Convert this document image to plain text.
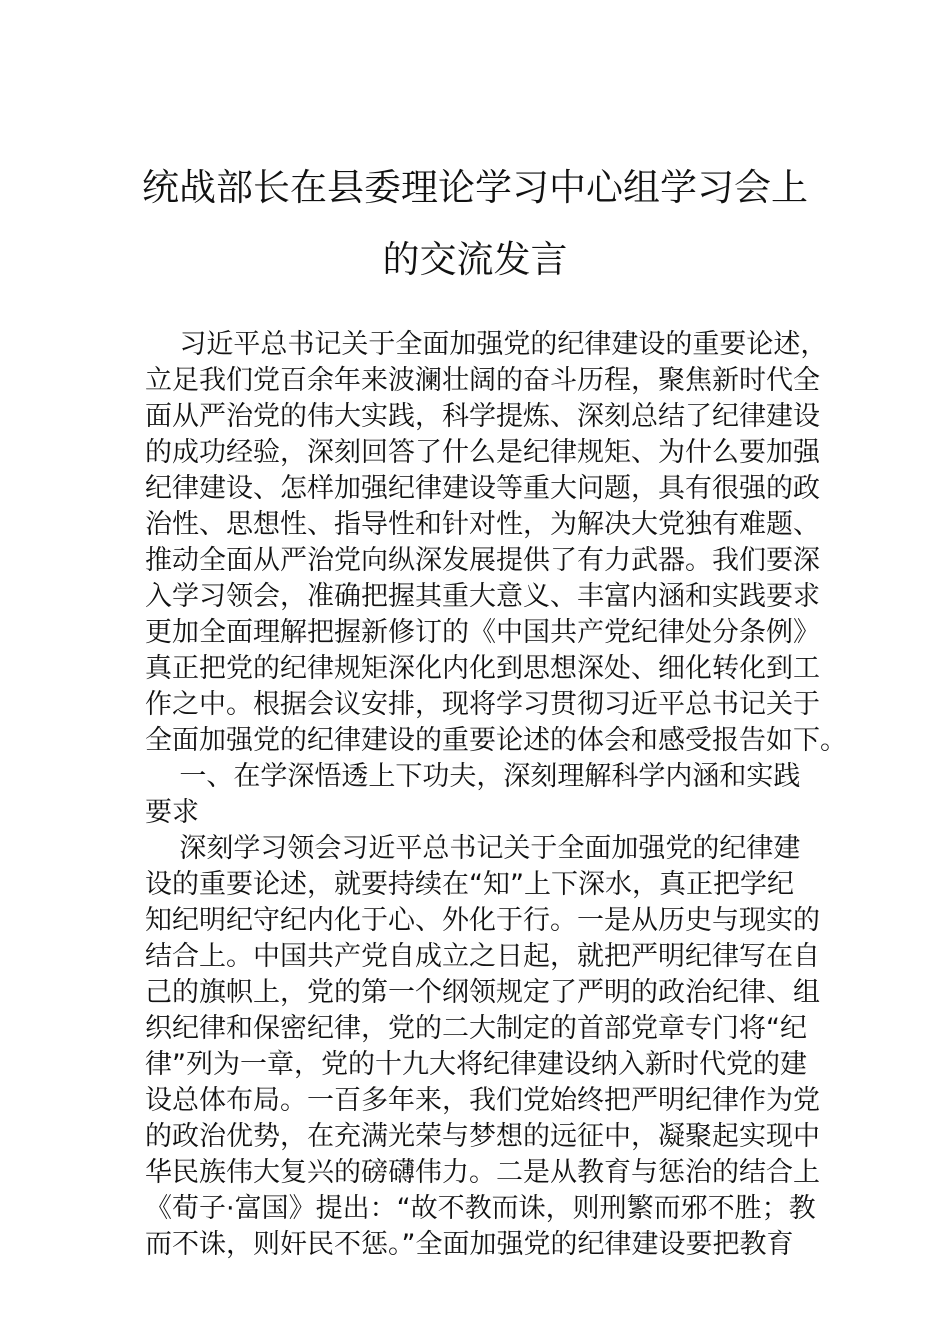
统战部长在县委理论学习中心组学习会上
的交流发言
习近平总书记关于全面加强党的纪律建设的重要论述，
立足我们党百余年来波澜壮阔的奋斗历程，聚焦新时代全
面从严治党的伟大实践，科学提炼、深刻总结了纪律建设
的成功经验，深刻回答了什么是纪律规矩、为什么要加强
纪律建设、怎样加强纪律建设等重大问题，具有很强的政
治性、思想性、指导性和针对性，为解决大党独有难题、
推动全面从严治党向纵深发展提供了有力武器。我们要深
入学习领会，准确把握其重大意义、丰富内涵和实践要求
更加全面理解把握新修订的《中国共产党纪律处分条例》
真正把党的纪律规矩深化内化到思想深处、细化转化到工
作之中。根据会议安排，现将学习贯彻习近平总书记关于
全面加强党的纪律建设的重要论述的体会和感受报告如下。
一、在学深悟透上下功夫，深刻理解科学内涵和实践
要求
深刻学习领会习近平总书记关于全面加强党的纪律建
设的重要论述，就要持续在“知”上下深水，真正把学纪
知纪明纪守纪内化于心、外化于行。一是从历史与现实的
结合上。中国共产党自成立之日起，就把严明纪律写在自
己的旗帜上，党的第一个纲领规定了严明的政治纪律、组
织纪律和保密纪律，党的二大制定的首部党章专门将“纪
律”列为一章，党的十九大将纪律建设纳入新时代党的建
设总体布局。一百多年来，我们党始终把严明纪律作为党
的政治优势，在充满光荣与梦想的远征中，凝聚起实现中
华民族伟大复兴的磅礴伟力。二是从教育与惩治的结合上
《荀子·富国》提出：“故不教而诛，则刑繁而邪不胜；教
而不诛，则奸民不惩。”全面加强党的纪律建设要把教育
